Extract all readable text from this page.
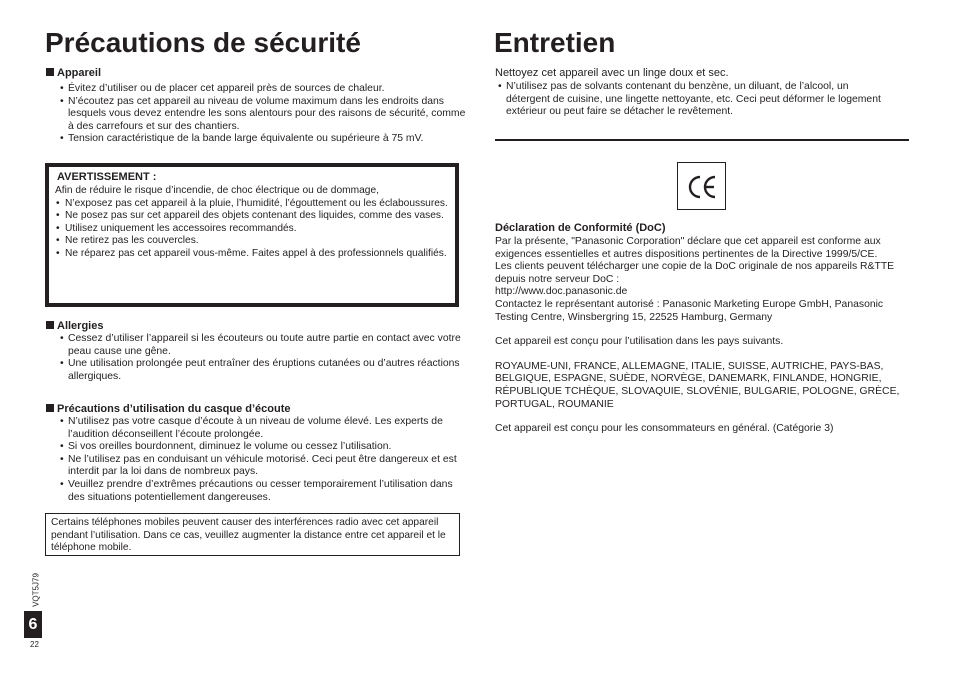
Précautions de sécurité	Entretien
Appareil
• Évitez d’utiliser ou de placer cet appareil près de sources de chaleur.
• N’écoutez pas cet appareil au niveau de volume maximum dans les endroits dans lesquels vous devez entendre les sons alentours pour des raisons de sécurité, comme à des carrefours et sur des chantiers.
• Tension caractéristique de la bande large équivalente ou supérieure à 75 mV.
AVERTISSEMENT :
Afin de réduire le risque d’incendie, de choc électrique ou de dommage,
• N’exposez pas cet appareil à la pluie, l’humidité, l’égouttement ou les éclaboussures.
• Ne posez pas sur cet appareil des objets contenant des liquides, comme des vases.
• Utilisez uniquement les accessoires recommandés.
• Ne retirez pas les couvercles.
• Ne réparez pas cet appareil vous-même. Faites appel à des professionnels qualifiés.
Allergies
• Cessez d’utiliser l’appareil si les écouteurs ou toute autre partie en contact avec votre peau cause une gêne.
• Une utilisation prolongée peut entraîner des éruptions cutanées ou d’autres réactions allergiques.
Précautions d’utilisation du casque d’écoute
• N’utilisez pas votre casque d’écoute à un niveau de volume élevé. Les experts de l’audition déconseillent l’écoute prolongée.
• Si vos oreilles bourdonnent, diminuez le volume ou cessez l’utilisation.
• Ne l’utilisez pas en conduisant un véhicule motorisé. Ceci peut être dangereux et est interdit par la loi dans de nombreux pays.
• Veuillez prendre d’extrêmes précautions ou cesser temporairement l’utilisation dans des situations potentiellement dangereuses.
Certains téléphones mobiles peuvent causer des interférences radio avec cet appareil pendant l’utilisation. Dans ce cas, veuillez augmenter la distance entre cet appareil et le téléphone mobile.
VQT5J79
6
22
Nettoyez cet appareil avec un linge doux et sec.
• N’utilisez pas de solvants contenant du benzène, un diluant, de l’alcool, un détergent de cuisine, une lingette nettoyante, etc. Ceci peut déformer le logement extérieur ou peut faire se détacher le revêtement.
Déclaration de Conformité (DoC)
Par la présente, "Panasonic Corporation" déclare que cet appareil est conforme aux exigences essentielles et autres dispositions pertinentes de la Directive 1999/5/CE.
Les clients peuvent télécharger une copie de la DoC originale de nos appareils R&TTE depuis notre serveur DoC :
http://www.doc.panasonic.de
Contactez le représentant autorisé : Panasonic Marketing Europe GmbH, Panasonic Testing Centre, Winsbergring 15, 22525 Hamburg, Germany
Cet appareil est conçu pour l’utilisation dans les pays suivants.
ROYAUME-UNI, FRANCE, ALLEMAGNE, ITALIE, SUISSE, AUTRICHE, PAYS-BAS, BELGIQUE, ESPAGNE, SUÈDE, NORVÈGE, DANEMARK, FINLANDE, HONGRIE, RÉPUBLIQUE TCHÈQUE, SLOVAQUIE, SLOVÉNIE, BULGARIE, POLOGNE, GRÈCE, PORTUGAL, ROUMANIE
Cet appareil est conçu pour les consommateurs en général. (Catégorie 3)
